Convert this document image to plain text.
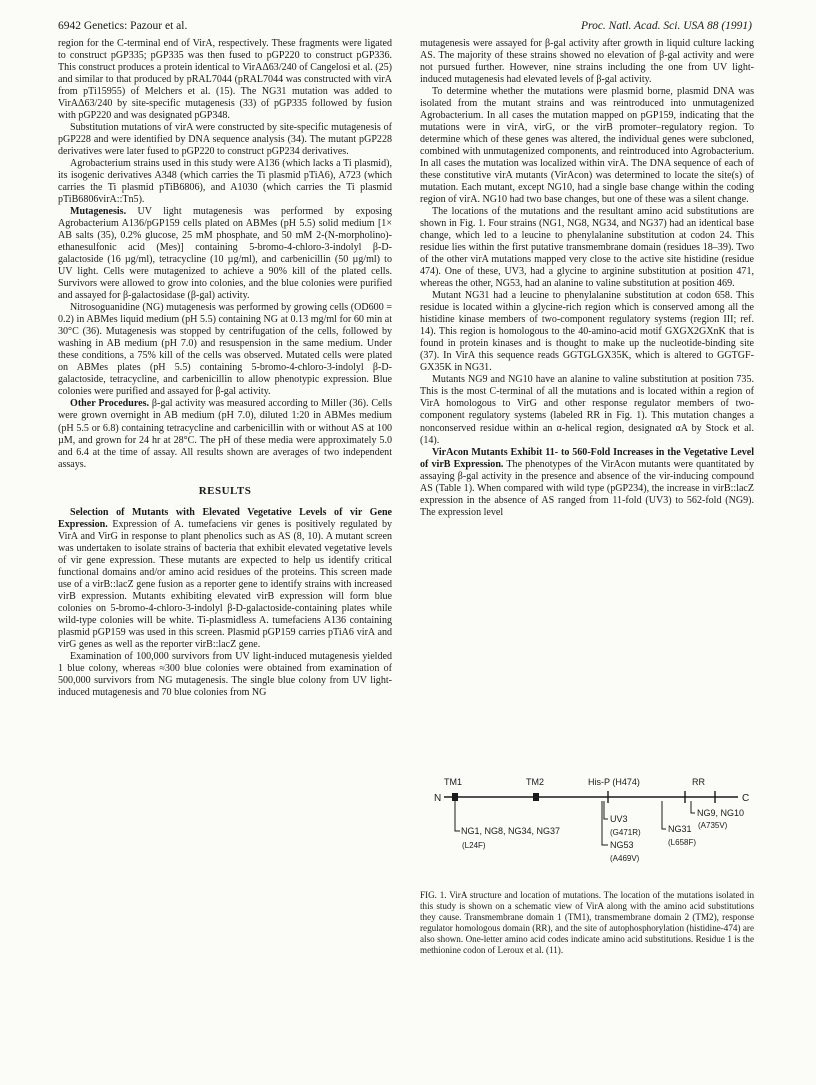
6942 Genetics: Pazour et al.	Proc. Natl. Acad. Sci. USA 88 (1991)

region for the C-terminal end of VirA, respectively. These fragments were ligated to construct pGP335; pGP335 was then fused to pGP220 to construct pGP336. This construct produces a protein identical to VirAΔ63/240 of Cangelosi et al. (25) and similar to that produced by pRAL7044 (pRAL7044 was constructed with virA from pTi15955) of Melchers et al. (15). The NG31 mutation was added to VirAΔ63/240 by site-specific mutagenesis (33) of pGP335 followed by fusion with pGP220 and was designated pGP348.

Substitution mutations of virA were constructed by site-specific mutagenesis of pGP228 and were identified by DNA sequence analysis (34). The mutant pGP228 derivatives were later fused to pGP220 to construct pGP234 derivatives.

Agrobacterium strains used in this study were A136 (which lacks a Ti plasmid), its isogenic derivatives A348 (which carries the Ti plasmid pTiA6), A723 (which carries the Ti plasmid pTiB6806), and A1030 (which carries the Ti plasmid pTiB6806virA::Tn5).

Mutagenesis. UV light mutagenesis was performed by exposing Agrobacterium A136/pGP159 cells plated on ABMes (pH 5.5) solid medium [1× AB salts (35), 0.2% glucose, 25 mM phosphate, and 50 mM 2-(N-morpholino)-ethanesulfonic acid (Mes)] containing 5-bromo-4-chloro-3-indolyl β-D-galactoside (16 µg/ml), tetracycline (10 µg/ml), and carbenicillin (50 µg/ml) to UV light. Cells were mutagenized to achieve a 90% kill of the plated cells. Survivors were allowed to grow into colonies, and the blue colonies were purified and assayed for β-galactosidase (β-gal) activity.

Nitrosoguanidine (NG) mutagenesis was performed by growing cells (OD600 = 0.2) in ABMes liquid medium (pH 5.5) containing NG at 0.13 mg/ml for 60 min at 30°C (36). Mutagenesis was stopped by centrifugation of the cells, followed by washing in AB medium (pH 7.0) and resuspension in the same medium. Under these conditions, a 75% kill of the cells was observed. Mutated cells were plated on ABMes plates (pH 5.5) containing 5-bromo-4-chloro-3-indolyl β-D-galactoside, tetracycline, and carbenicillin to allow phenotypic expression. Blue colonies were purified and assayed for β-gal activity.

Other Procedures. β-gal activity was measured according to Miller (36). Cells were grown overnight in AB medium (pH 7.0), diluted 1:20 in ABMes medium (pH 5.5 or 6.8) containing tetracycline and carbenicillin with or without AS at 100 µM, and grown for 24 hr at 28°C. The pH of these media were approximately 5.0 and 6.4 at the time of assay. All results shown are averages of two independent assays.

RESULTS

Selection of Mutants with Elevated Vegetative Levels of vir Gene Expression. Expression of A. tumefaciens vir genes is positively regulated by VirA and VirG in response to plant phenolics such as AS (8, 10). A mutant screen was undertaken to isolate strains of bacteria that exhibit elevated vegetative levels of vir gene expression. These mutants are expected to help us identify critical functional domains and/or amino acid residues of the proteins. This screen made use of a virB::lacZ gene fusion as a reporter gene to identify strains with increased virB expression. Mutants exhibiting elevated virB expression will form blue colonies on 5-bromo-4-chloro-3-indolyl β-D-galactoside-containing plates while wild-type colonies will be white. Ti-plasmidless A. tumefaciens A136 containing plasmid pGP159 was used in this screen. Plasmid pGP159 carries pTiA6 virA and virG genes as well as the reporter virB::lacZ gene.

Examination of 100,000 survivors from UV light-induced mutagenesis yielded 1 blue colony, whereas ≈300 blue colonies were obtained from examination of 500,000 survivors from NG mutagenesis. The single blue colony from UV light-induced mutagenesis and 70 blue colonies from NG

mutagenesis were assayed for β-gal activity after growth in liquid culture lacking AS. The majority of these strains showed no elevation of β-gal activity and were not pursued further. However, nine strains including the one from UV light-induced mutagenesis had elevated levels of β-gal activity.

To determine whether the mutations were plasmid borne, plasmid DNA was isolated from the mutant strains and was reintroduced into unmutagenized Agrobacterium. In all cases the mutation mapped on pGP159, indicating that the mutations were in virA, virG, or the virB promoter–regulatory region. To determine which of these genes was altered, the individual genes were subcloned, combined with unmutagenized components, and reintroduced into Agrobacterium. In all cases the mutation was localized within virA. The DNA sequence of each of these constitutive virA mutants (VirAcon) was determined to locate the site(s) of mutation. Each mutant, except NG10, had a single base change within the coding region of virA. NG10 had two base changes, but one of these was a silent change.

The locations of the mutations and the resultant amino acid substitutions are shown in Fig. 1. Four strains (NG1, NG8, NG34, and NG37) had an identical base change, which led to a leucine to phenylalanine substitution at codon 24. This residue lies within the first putative transmembrane domain (residues 18–39). Two of the other virA mutations mapped very close to the active site histidine (residue 474). One of these, UV3, had a glycine to arginine substitution at position 471, whereas the other, NG53, had an alanine to valine substitution at position 469.

Mutant NG31 had a leucine to phenylalanine substitution at codon 658. This residue is located within a glycine-rich region which is conserved among all the histidine kinase members of two-component regulatory systems (region III; ref. 14). This region is homologous to the 40-amino-acid motif GXGX2GXnK that is found in protein kinases and is thought to make up the nucleotide-binding site (37). In VirA this sequence reads GGTGLGX35K, which is altered to GGTGF-GX35K in NG31.

Mutants NG9 and NG10 have an alanine to valine substitution at position 735. This is the most C-terminal of all the mutations and is located within a region of VirA homologous to VirG and other response regulator members of two-component regulatory systems (labeled RR in Fig. 1). This mutation changes a nonconserved residue within an α-helical region, designated αA by Stock et al. (14).

VirAcon Mutants Exhibit 11- to 560-Fold Increases in the Vegetative Level of virB Expression. The phenotypes of the VirAcon mutants were quantitated by assaying β-gal activity in the presence and absence of the vir-inducing compound AS (Table 1). When compared with wild type (pGP234), the increase in virB::lacZ expression in the absence of AS ranged from 11-fold (UV3) to 562-fold (NG9). The expression level

TM1	TM2	His-P (H474)	RR
N	C
NG1, NG8, NG34, NG37
(L24F)
UV3
(G471R)
NG53
(A469V)
NG31
(L658F)
NG9, NG10
(A735V)
FIG. 1. VirA structure and location of mutations. The location of the mutations isolated in this study is shown on a schematic view of VirA along with the amino acid substitutions they cause. Transmembrane domain 1 (TM1), transmembrane domain 2 (TM2), response regulator homologous domain (RR), and the site of autophosphorylation (histidine-474) are also shown. One-letter amino acid codes indicate amino acid substitutions. Residue 1 is the methionine codon of Leroux et al. (11).
